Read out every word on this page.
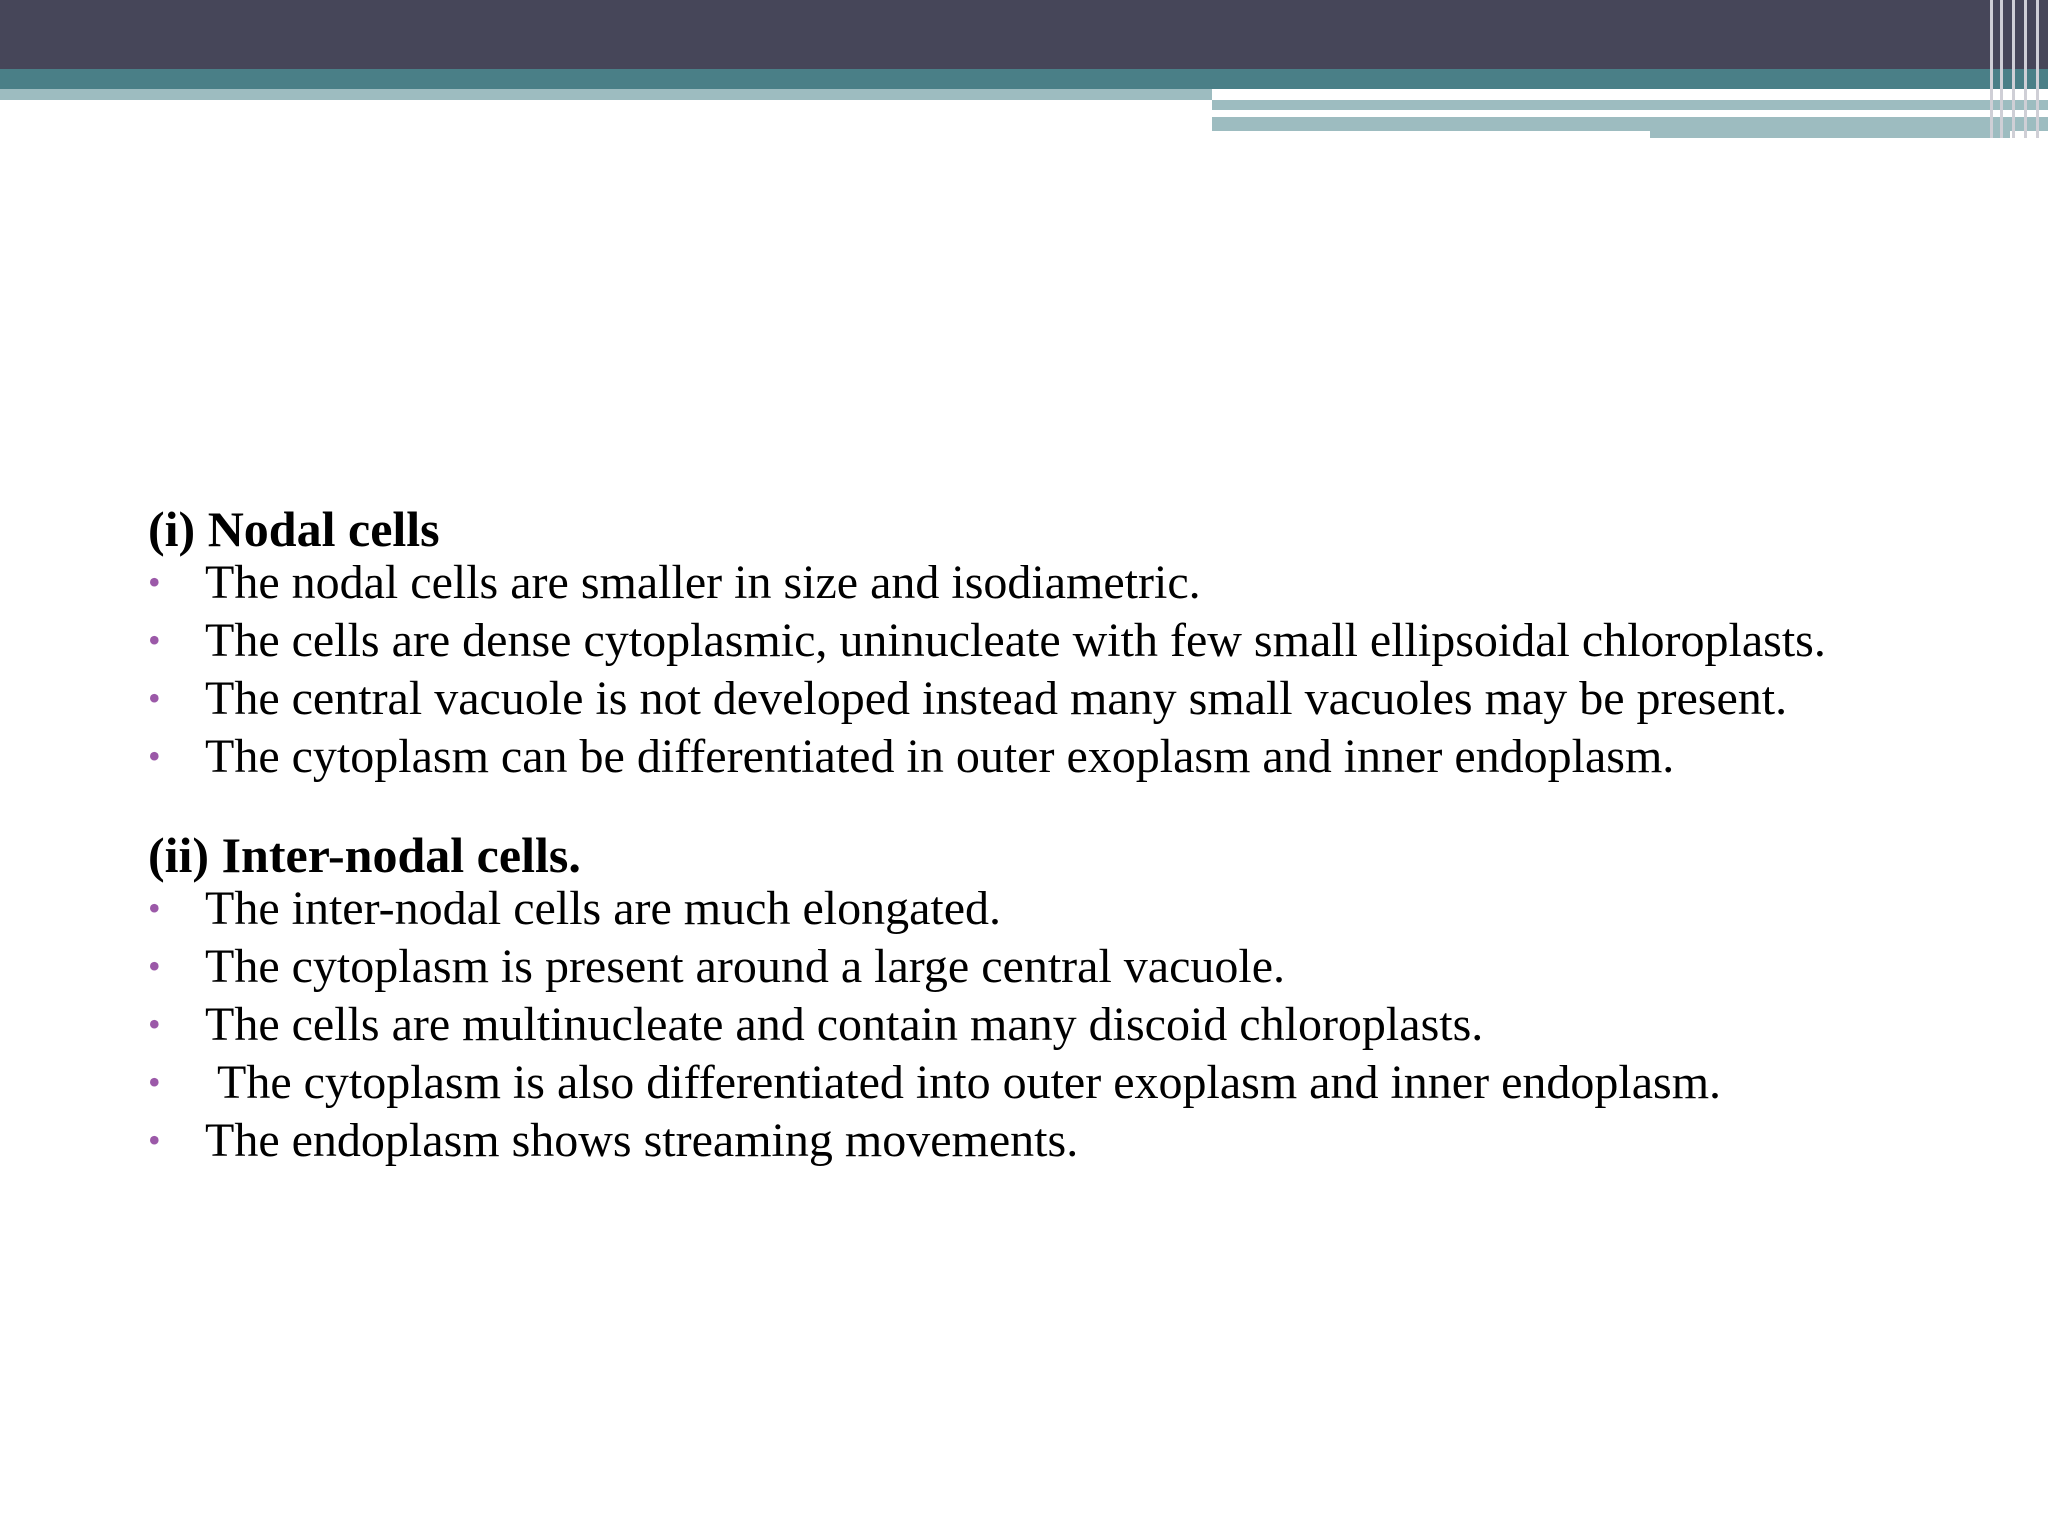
(i) Nodal cells
• The nodal cells are smaller in size and isodiametric.
• The cells are dense cytoplasmic, uninucleate with few small ellipsoidal chloroplasts.
• The central vacuole is not developed instead many small vacuoles may be present.
• The cytoplasm can be differentiated in outer exoplasm and inner endoplasm.
(ii) Inter-nodal cells.
• The inter-nodal cells are much elongated.
• The cytoplasm is present around a large central vacuole.
• The cells are multinucleate and contain many discoid chloroplasts.
• The cytoplasm is also differentiated into outer exoplasm and inner endoplasm.
• The endoplasm shows streaming movements.
